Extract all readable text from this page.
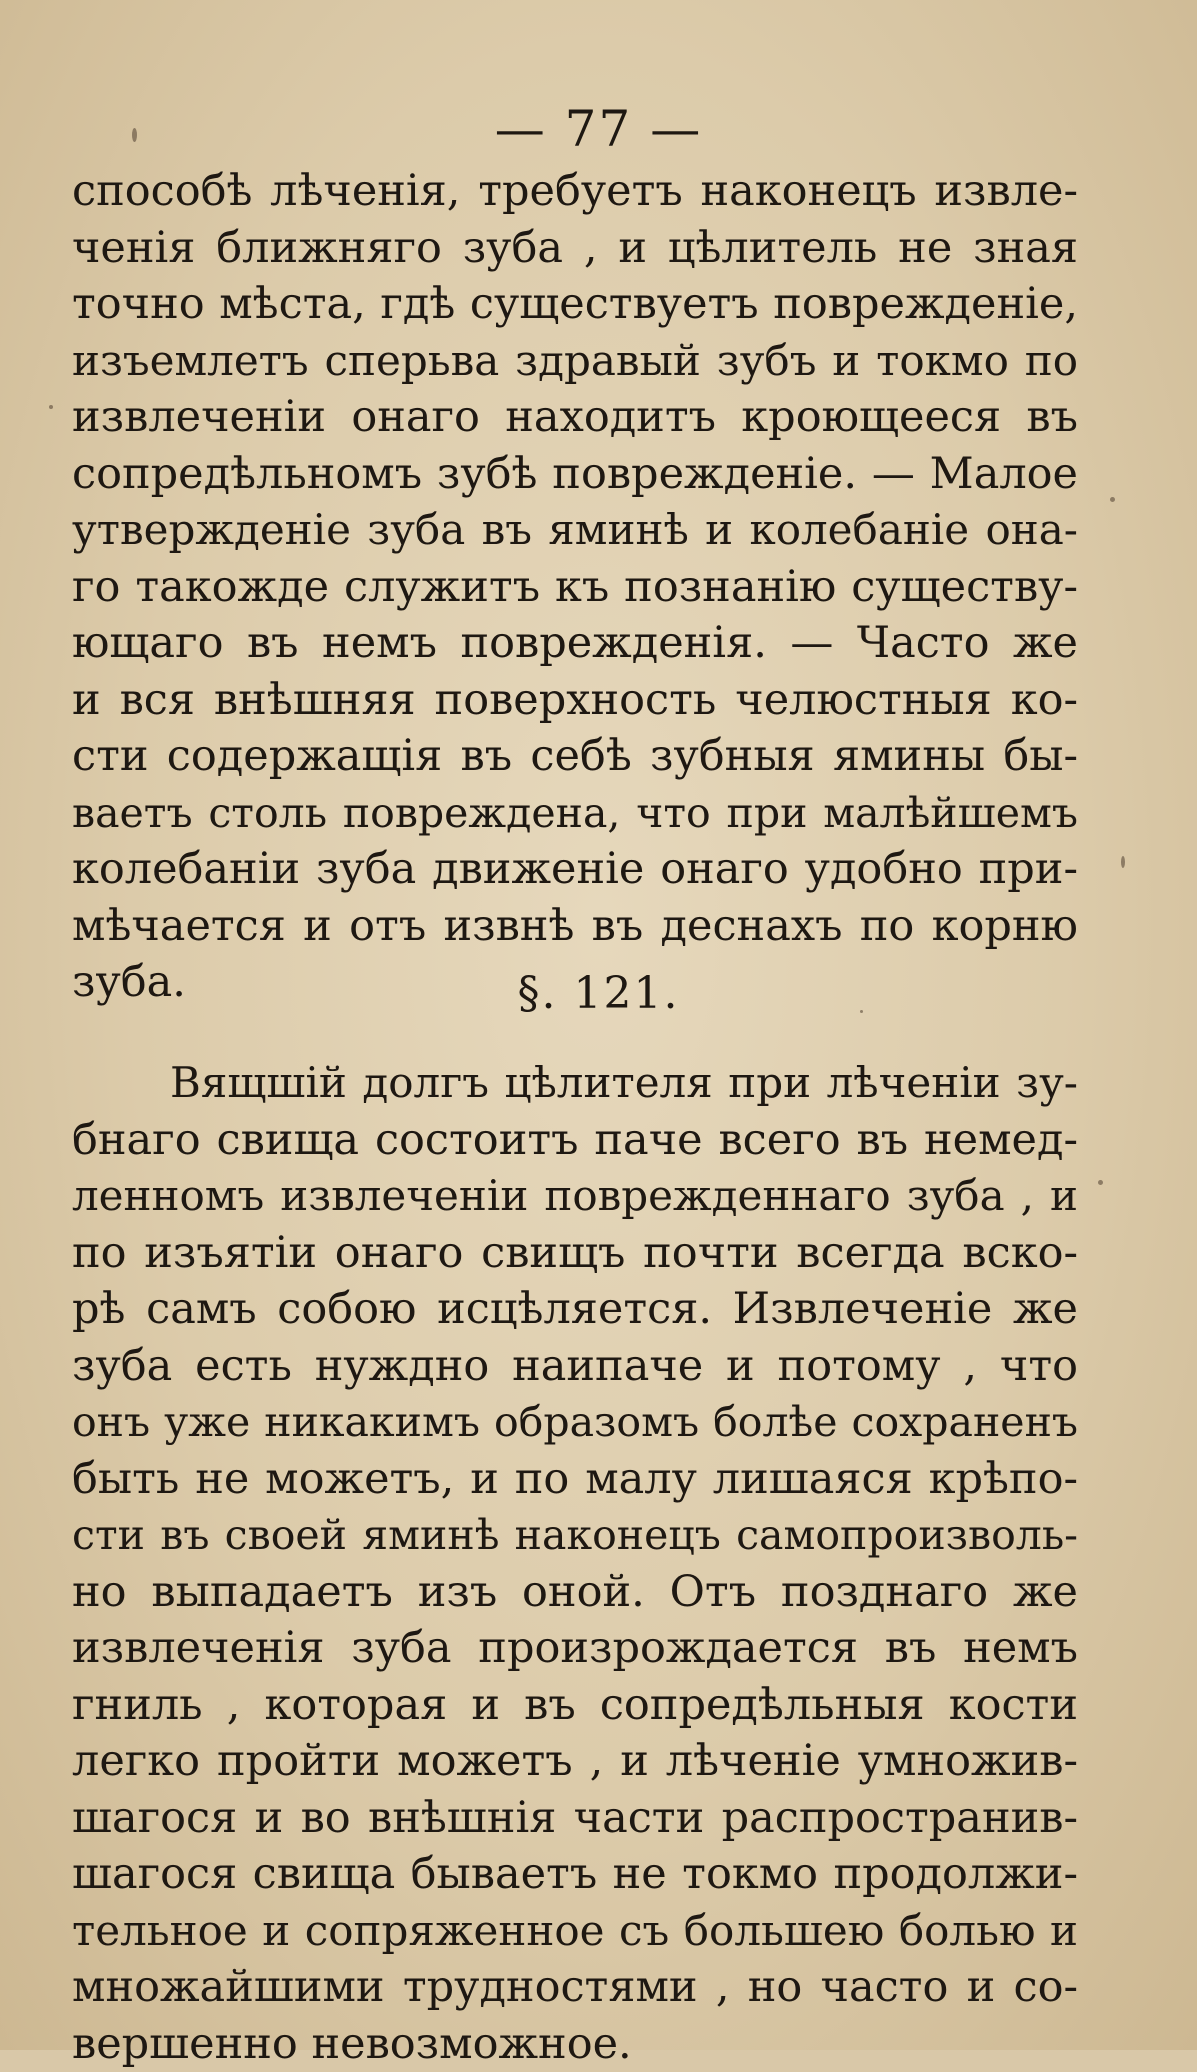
— 77 —
способѣ лѣченія, требуетъ наконецъ извле-
ченія ближняго зуба , и цѣлитель не зная
точно мѣста, гдѣ существуетъ поврежденіе,
изъемлетъ сперьва здравый зубъ и токмо по
извлеченіи онаго находитъ кроющееся въ
сопредѣльномъ зубѣ поврежденіе. — Малое
утвержденіе зуба въ яминѣ и колебаніе она-
го такожде служитъ къ познанію существу-
ющаго въ немъ поврежденія. — Часто же
и вся внѣшняя поверхность челюстныя ко-
сти содержащія въ себѣ зубныя ямины бы-
ваетъ столь повреждена, что при малѣйшемъ
колебаніи зуба движеніе онаго удобно при-
мѣчается и отъ извнѣ въ деснахъ по корню
зуба.	§. 121.
Вящшій долгъ цѣлителя при лѣченіи зу-
бнаго свища состоитъ паче всего въ немед-
ленномъ извлеченіи поврежденнаго зуба , и
по изъятіи онаго свищъ почти всегда вско-
рѣ самъ собою исцѣляется. Извлеченіе же
зуба есть нуждно наипаче и потому , что
онъ уже никакимъ образомъ болѣе сохраненъ
быть не можетъ, и по малу лишаяся крѣпо-
сти въ своей яминѣ наконецъ самопроизволь-
но выпадаетъ изъ оной. Отъ позднаго же
извлеченія зуба произрождается въ немъ
гниль , которая и въ сопредѣльныя кости
легко пройти можетъ , и лѣченіе умножив-
шагося и во внѣшнія части распространив-
шагося свища бываетъ не токмо продолжи-
тельное и сопряженное съ большею болью и
множайшими трудностями , но часто и со-
вершенно невозможное.
